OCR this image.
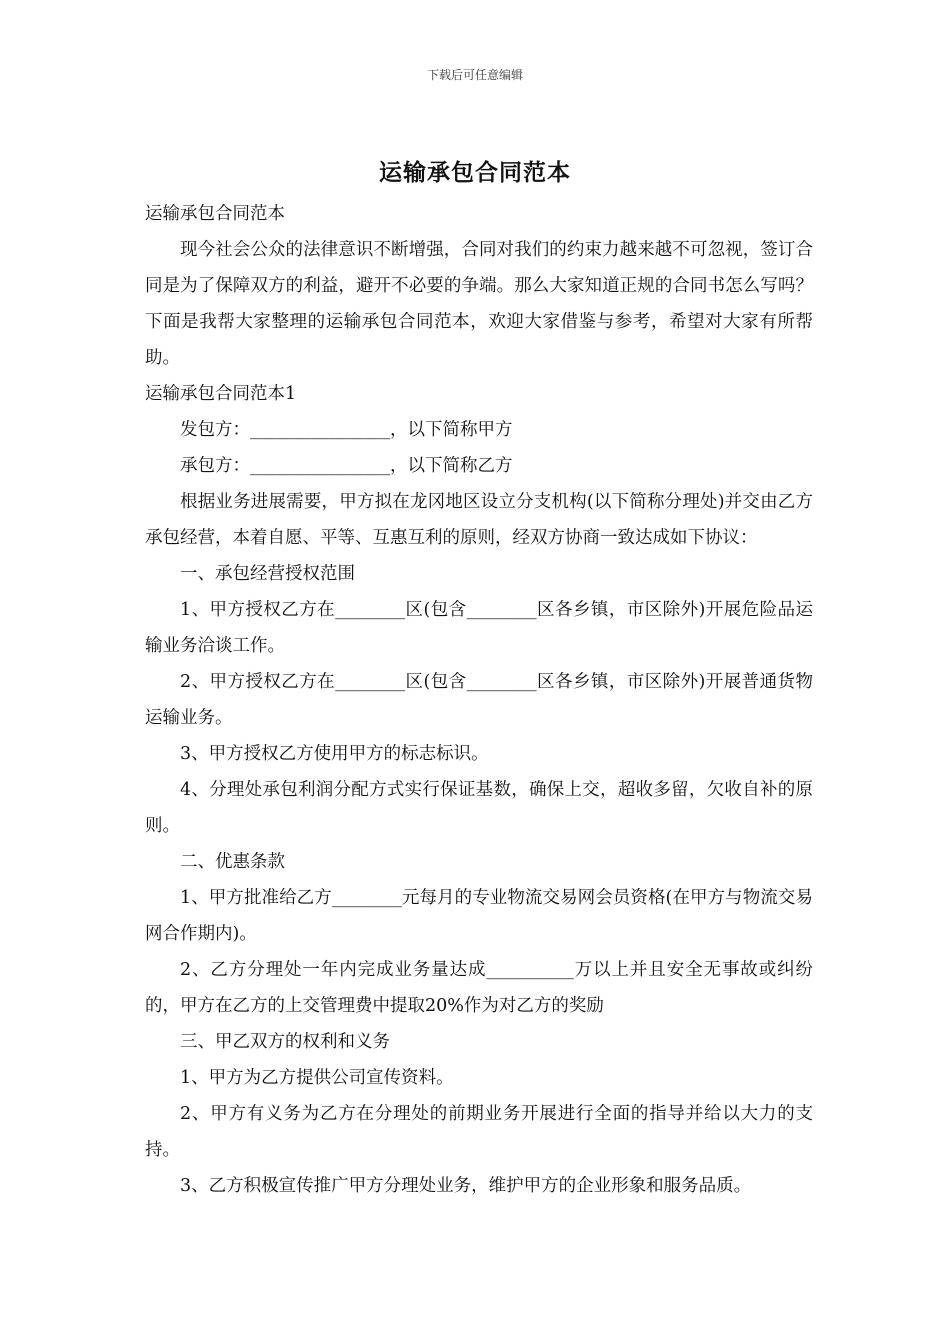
下载后可任意编辑
运输承包合同范本

运输承包合同范本

现今社会公众的法律意识不断增强，合同对我们的约束力越来越不可忽视，签订合同是为了保障双方的利益，避开不必要的争端。那么大家知道正规的合同书怎么写吗？下面是我帮大家整理的运输承包合同范本，欢迎大家借鉴与参考，希望对大家有所帮助。

运输承包合同范本1

发包方：________________，以下简称甲方

承包方：________________，以下简称乙方

根据业务进展需要，甲方拟在龙冈地区设立分支机构(以下简称分理处)并交由乙方承包经营，本着自愿、平等、互惠互利的原则，经双方协商一致达成如下协议：

一、承包经营授权范围

1、甲方授权乙方在________区(包含________区各乡镇，市区除外)开展危险品运输业务洽谈工作。

2、甲方授权乙方在________区(包含________区各乡镇，市区除外)开展普通货物运输业务。

3、甲方授权乙方使用甲方的标志标识。

4、分理处承包利润分配方式实行保证基数，确保上交，超收多留，欠收自补的原则。

二、优惠条款

1、甲方批准给乙方________元每月的专业物流交易网会员资格(在甲方与物流交易网合作期内)。

2、乙方分理处一年内完成业务量达成__________万以上并且安全无事故或纠纷的，甲方在乙方的上交管理费中提取20%作为对乙方的奖励

三、甲乙双方的权利和义务

1、甲方为乙方提供公司宣传资料。

2、甲方有义务为乙方在分理处的前期业务开展进行全面的指导并给以大力的支持。

3、乙方积极宣传推广甲方分理处业务，维护甲方的企业形象和服务品质。
